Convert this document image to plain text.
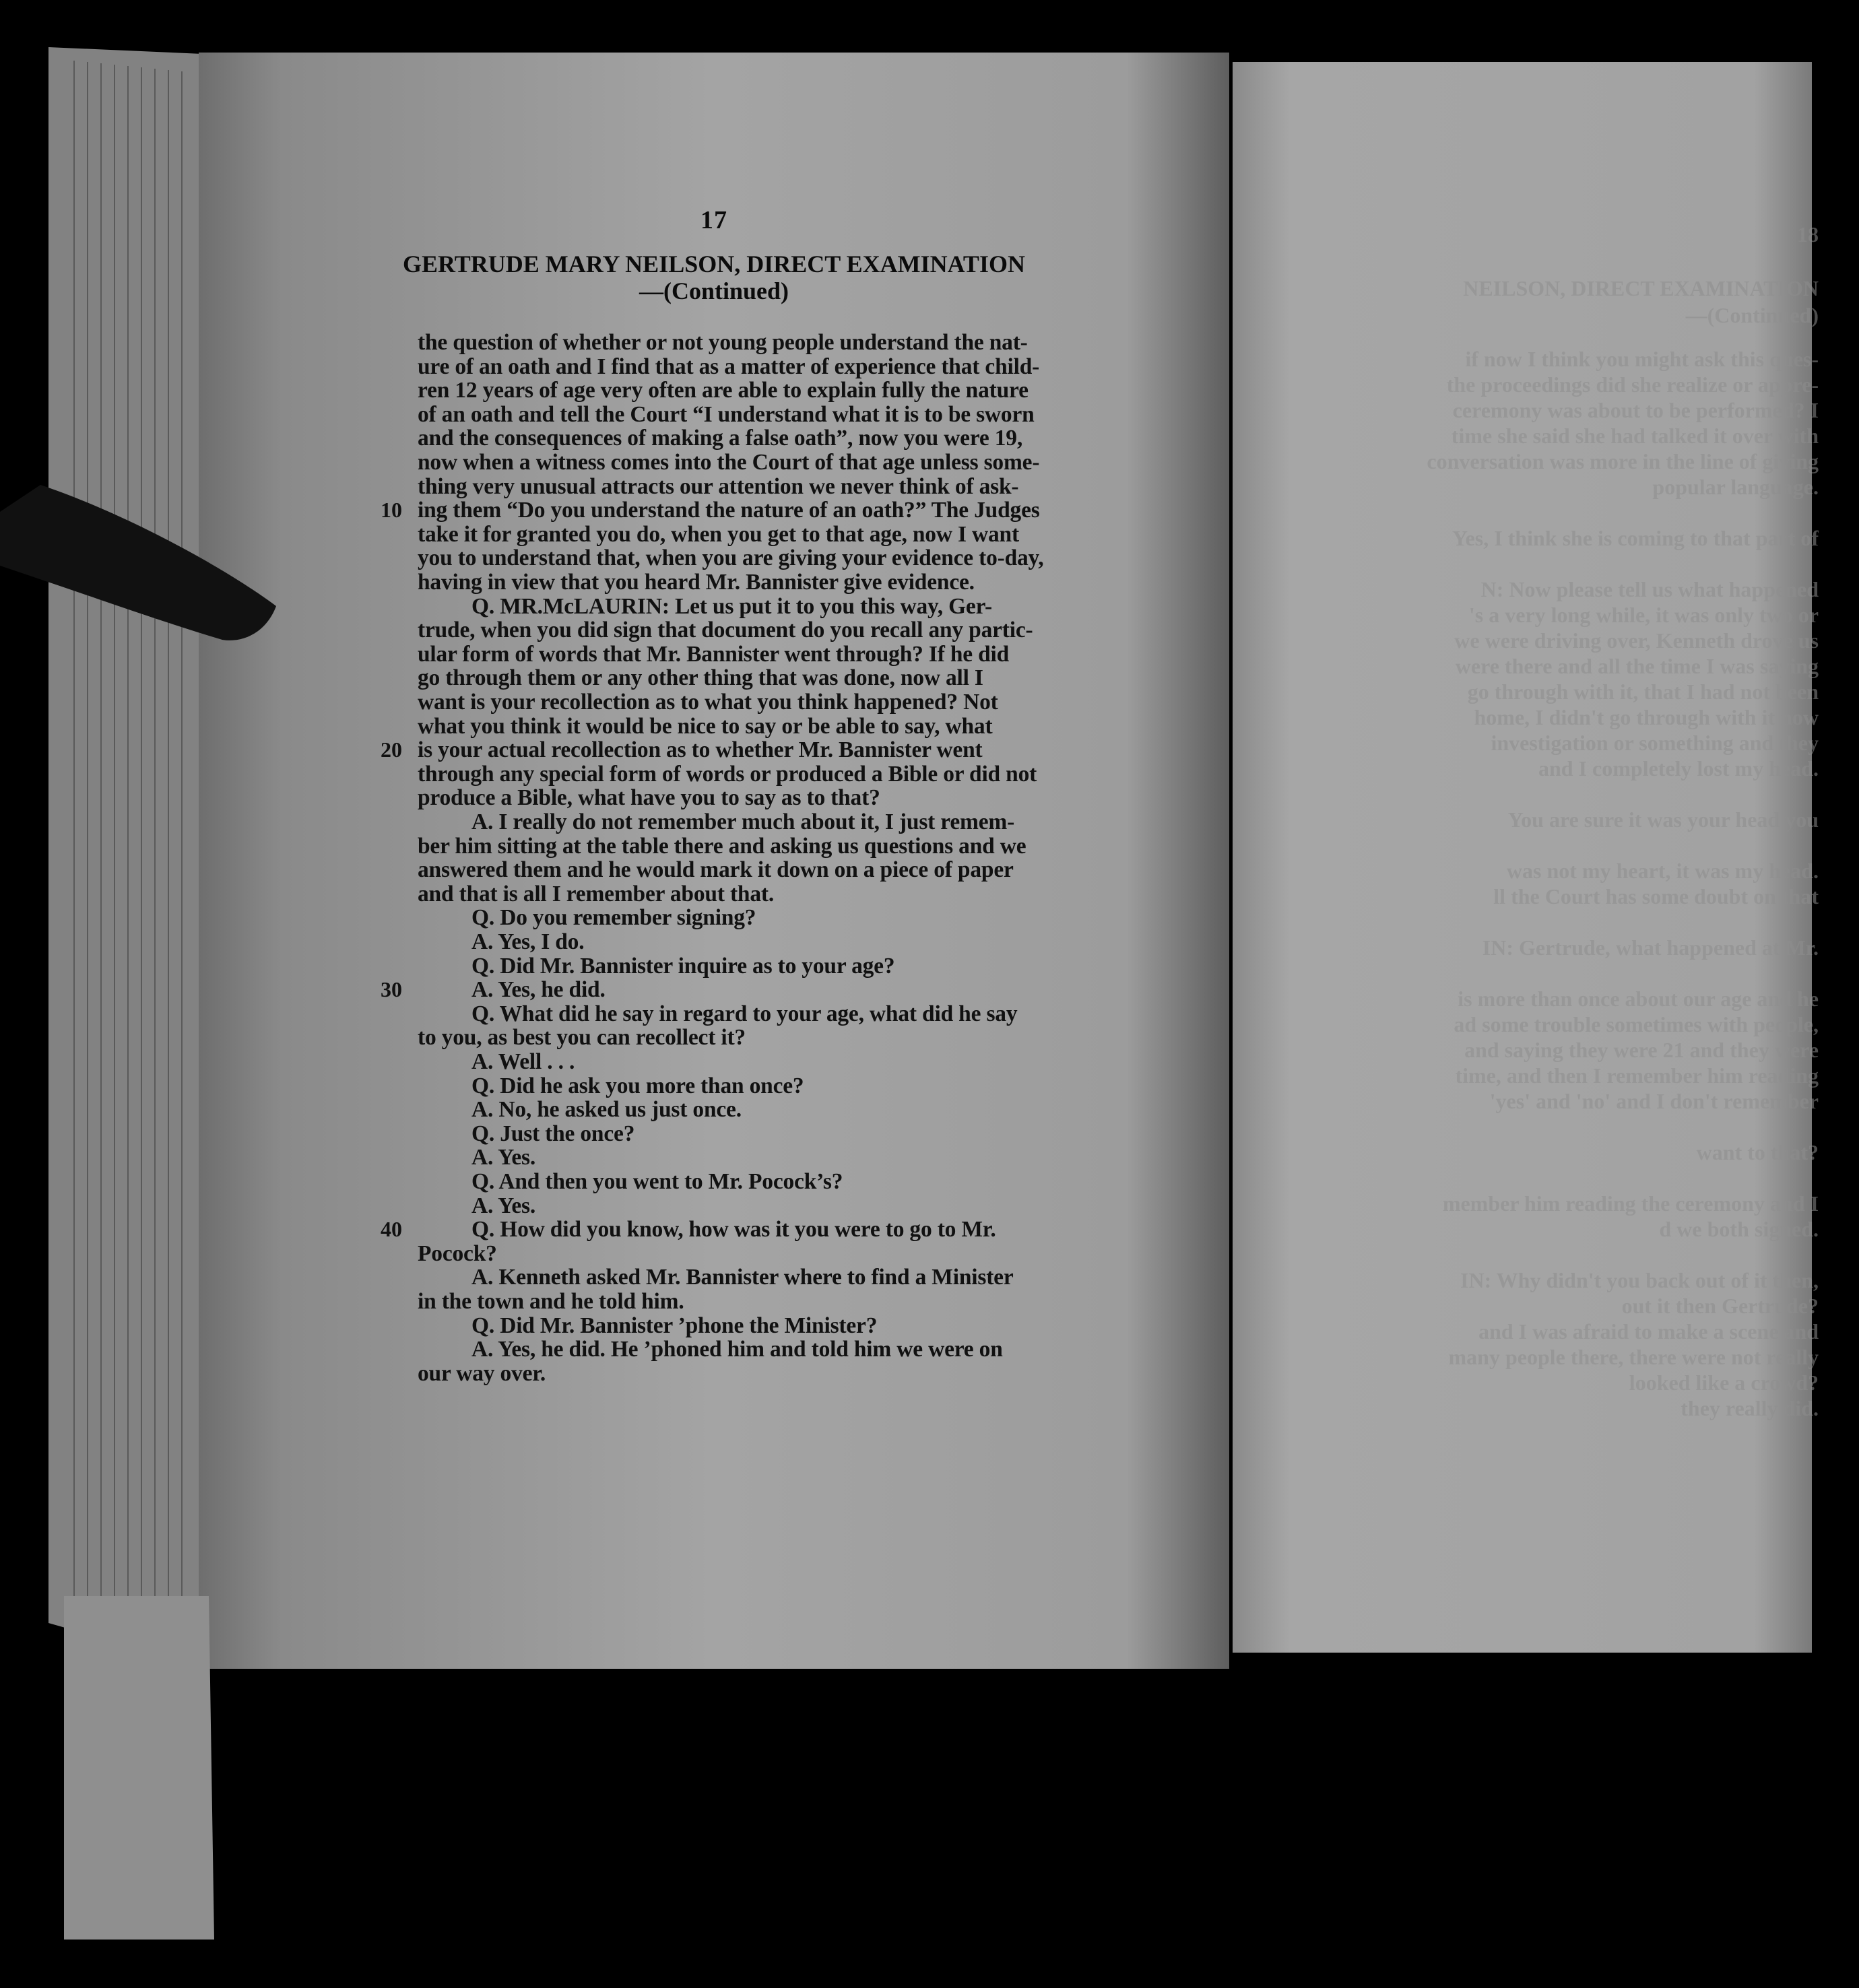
17
GERTRUDE MARY NEILSON, DIRECT EXAMINATION
—(Continued)
the question of whether or not young people understand the nat-
ure of an oath and I find that as a matter of experience that child-
ren 12 years of age very often are able to explain fully the nature
of an oath and tell the Court “I understand what it is to be sworn
and the consequences of making a false oath”, now you were 19,
now when a witness comes into the Court of that age unless some-
thing very unusual attracts our attention we never think of ask-
ing them “Do you understand the nature of an oath?” The Judges
10
take it for granted you do, when you get to that age, now I want
you to understand that, when you are giving your evidence to-day,
having in view that you heard Mr. Bannister give evidence.
Q. MR.McLAURIN: Let us put it to you this way, Ger-
trude, when you did sign that document do you recall any partic-
ular form of words that Mr. Bannister went through? If he did
go through them or any other thing that was done, now all I
want is your recollection as to what you think happened? Not
what you think it would be nice to say or be able to say, what
is your actual recollection as to whether Mr. Bannister went
20
through any special form of words or produced a Bible or did not
produce a Bible, what have you to say as to that?
A. I really do not remember much about it, I just remem-
ber him sitting at the table there and asking us questions and we
answered them and he would mark it down on a piece of paper
and that is all I remember about that.
Q. Do you remember signing?
A. Yes, I do.
Q. Did Mr. Bannister inquire as to your age?
A. Yes, he did.
30
Q. What did he say in regard to your age, what did he say
to you, as best you can recollect it?
A. Well . . .
Q. Did he ask you more than once?
A. No, he asked us just once.
Q. Just the once?
A. Yes.
Q. And then you went to Mr. Pocock’s?
A. Yes.
Q. How did you know, how was it you were to go to Mr.
40
Pocock?
A. Kenneth asked Mr. Bannister where to find a Minister
in the town and he told him.
Q. Did Mr. Bannister ’phone the Minister?
A. Yes, he did. He ’phoned him and told him we were on
our way over.
18
NEILSON, DIRECT EXAMINATION
—(Continued)
if now I think you might ask this ques-
the proceedings did she realize or appre-
ceremony was about to be performed? I
time she said she had talked it over with
conversation was more in the line of giving
popular language.
Yes, I think she is coming to that part of
N: Now please tell us what happened
's a very long while, it was only two or
we were driving over, Kenneth drove us
were there and all the time I was saying
go through with it, that I had not been
home, I didn't go through with it now
investigation or something and they
and I completely lost my head.
You are sure it was your head you
was not my heart, it was my head.
ll the Court has some doubt on that
IN: Gertrude, what happened at Mr.
is more than once about our age and he
ad some trouble sometimes with people,
and saying they were 21 and they were
time, and then I remember him reading
'yes' and 'no' and I don't remember
want to that?
member him reading the ceremony and I
d we both signed.
IN: Why didn't you back out of it then,
out it then Gertrude?
and I was afraid to make a scene and
many people there, there were not really
looked like a crowd?
they really did.
